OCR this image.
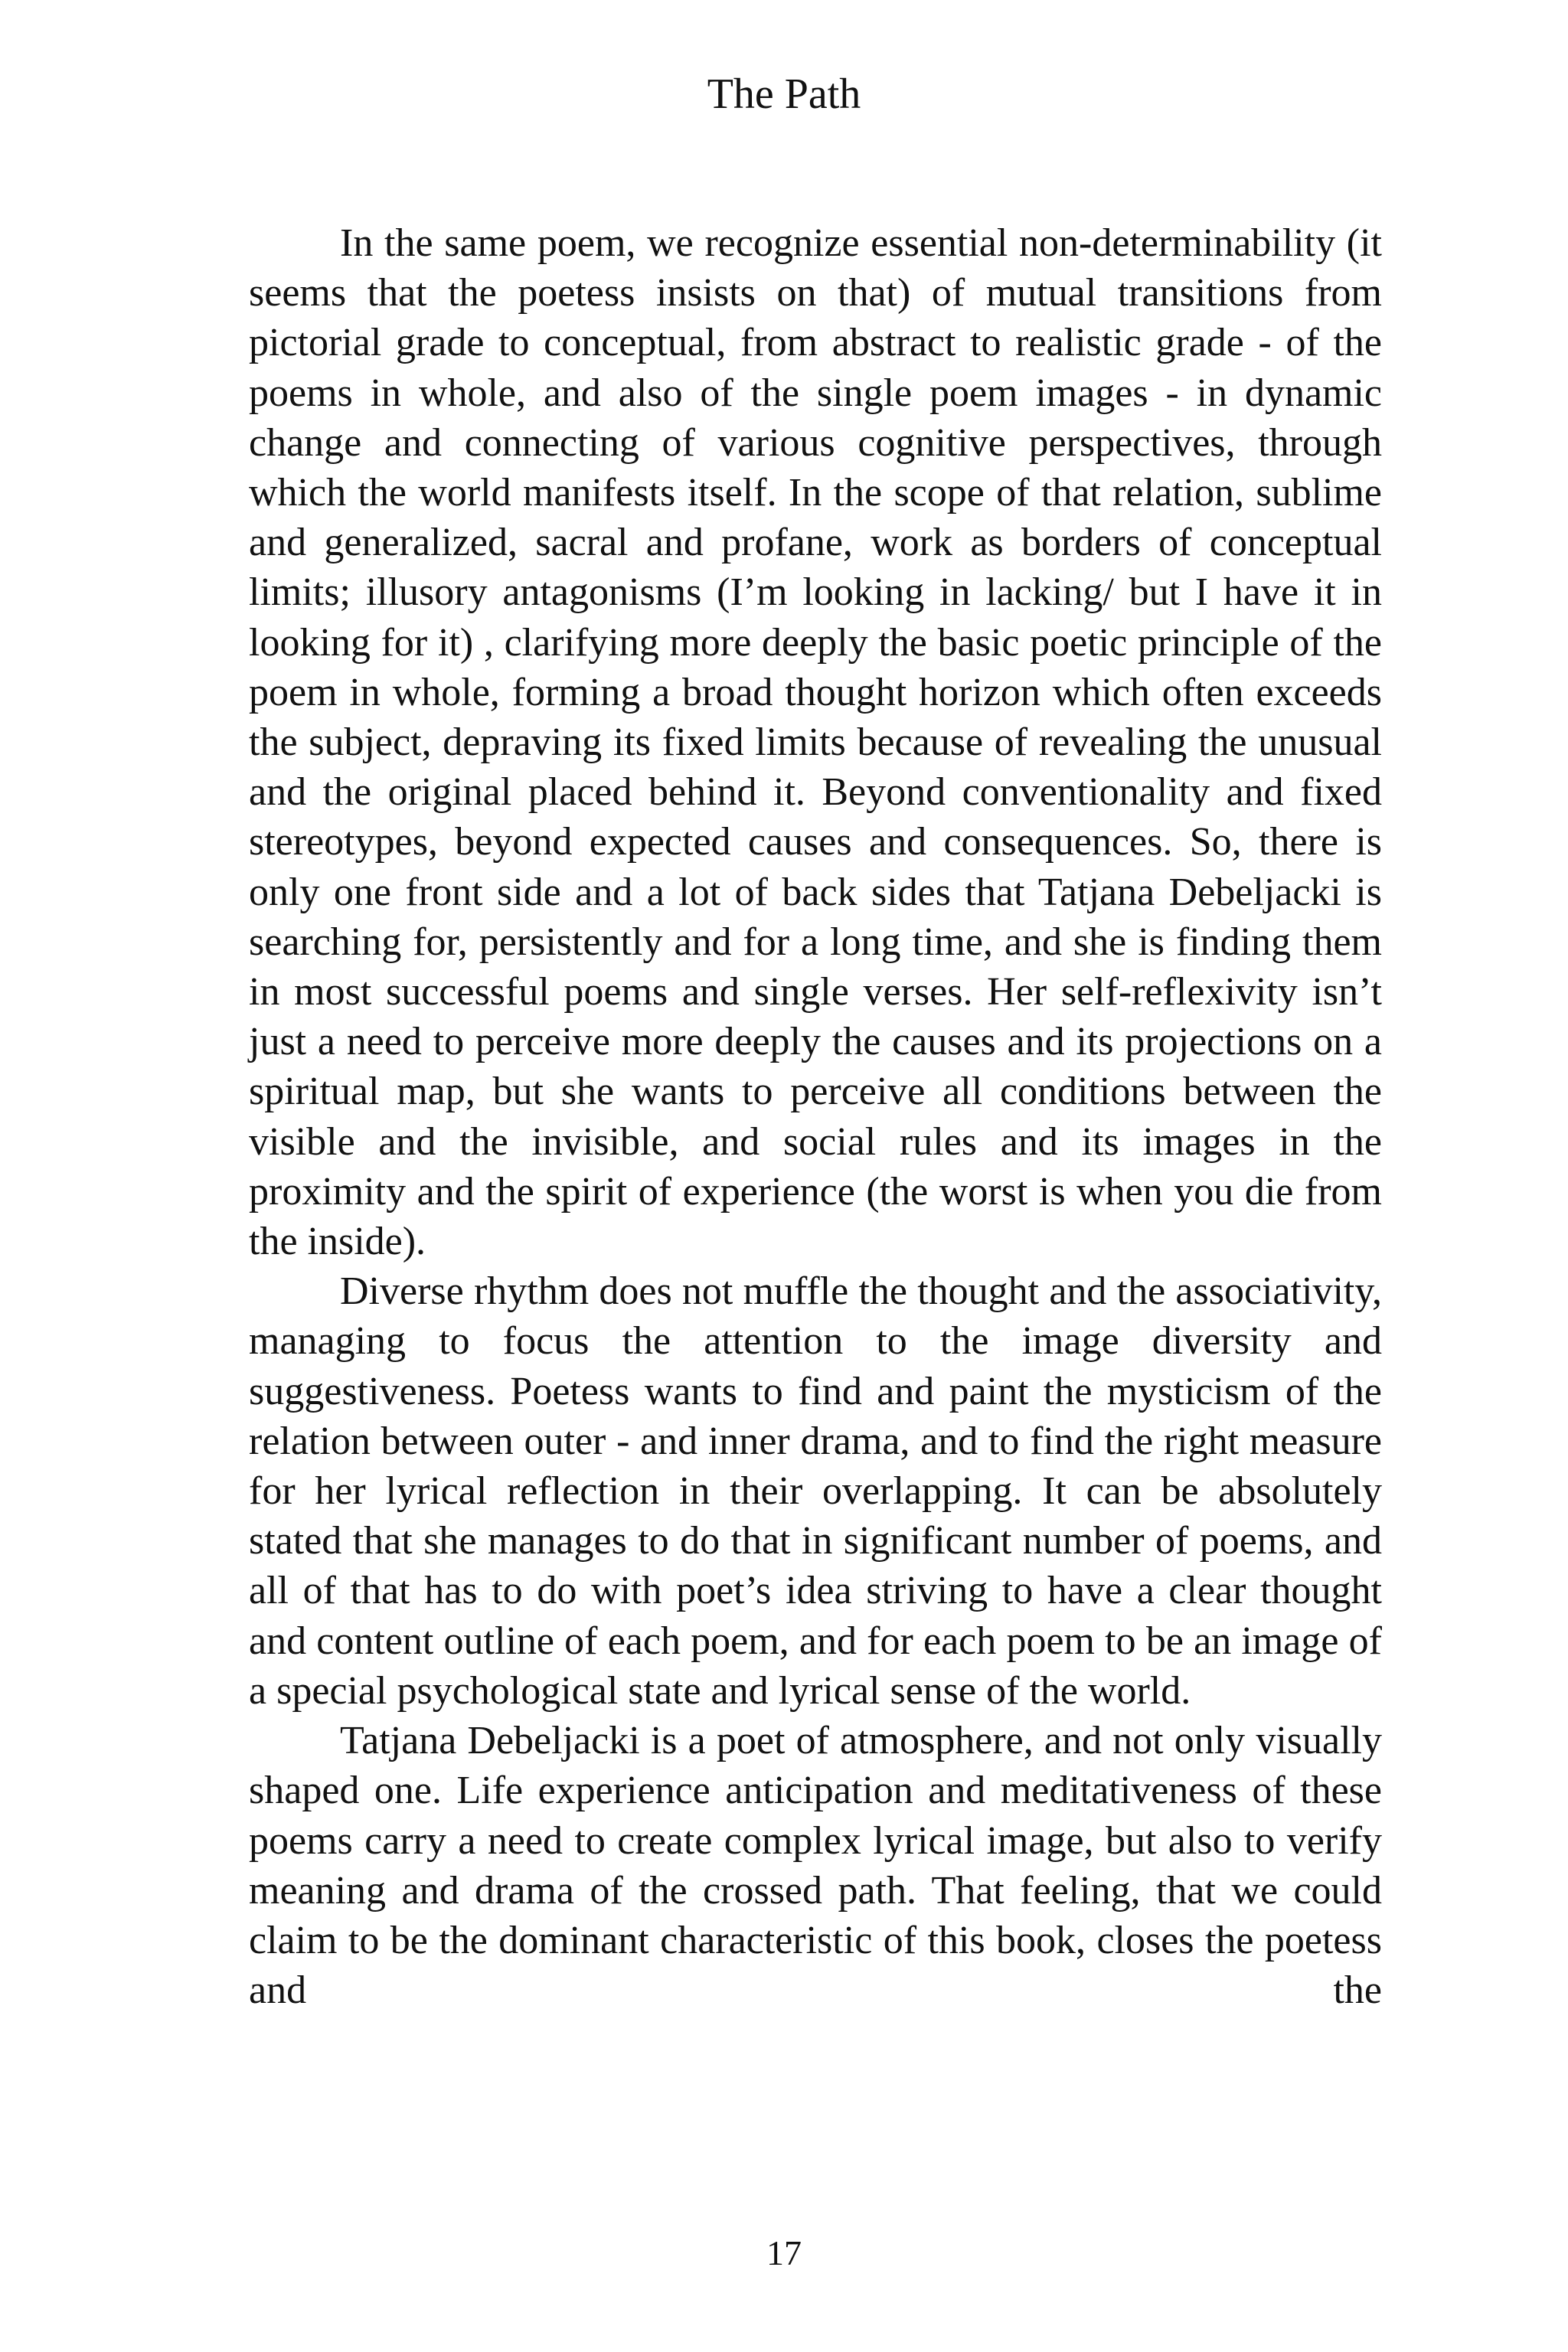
The Path

In the same poem, we recognize essential non-determinability (it seems that the poetess insists on that) of mutual transitions from pictorial grade to conceptual, from abstract to realistic grade - of the poems in whole, and also of the single poem images - in dynamic change and connecting of various cognitive perspectives, through which the world manifests itself. In the scope of that relation, sublime and generalized, sacral and profane, work as borders of conceptual limits; illusory antagonisms (I’m looking in lacking/ but I have it in looking for it) , clarifying more deeply the basic poetic principle of the poem in whole, forming a broad thought horizon which often exceeds the subject, depraving its fixed limits because of revealing the unusual and the original placed behind it. Beyond conventionality and fixed stereotypes, beyond expected causes and consequences. So, there is only one front side and a lot of back sides that Tatjana Debeljacki is searching for, persistently and for a long time, and she is finding them in most successful poems and single verses. Her self-reflexivity isn’t just a need to perceive more deeply the causes and its projections on a spiritual map, but she wants to perceive all conditions between the visible and the invisible, and social rules and its images in the proximity and the spirit of experience (the worst is when you die from the inside).

Diverse rhythm does not muffle the thought and the associativity, managing to focus the attention to the image diversity and suggestiveness. Poetess wants to find and paint the mysticism of the relation between outer - and inner drama, and to find the right measure for her lyrical reflection in their overlapping. It can be absolutely stated that she manages to do that in significant number of poems, and all of that has to do with poet’s idea striving to have a clear thought and content outline of each poem, and for each poem to be an image of a special psychological state and lyrical sense of the world.

Tatjana Debeljacki is a poet of atmosphere, and not only visually shaped one. Life experience anticipation and meditativeness of these poems carry a need to create complex lyrical image, but also to verify meaning and drama of the crossed path. That feeling, that we could claim to be the dominant characteristic of this book, closes the poetess and the

17
